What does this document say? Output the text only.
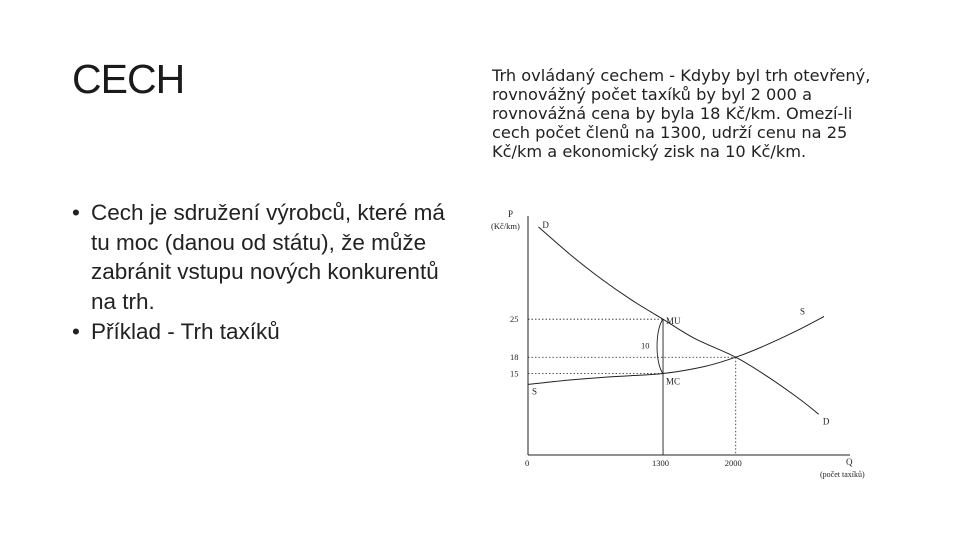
CECH
• Cech je sdružení výrobců, které má tu moc (danou od státu), že může zabránit vstupu nových konkurentů na trh.
• Příklad - Trh taxíků

Trh ovládaný cechem - Kdyby byl trh otevřený, rovnovážný počet taxíků by byl 2 000 a rovnovážná cena by byla 18 Kč/km. Omezí-li cech počet členů na 1300, udrží cenu na 25 Kč/km a ekonomický zisk na 10 Kč/km.

P
(Kč/km)
Q
(počet taxíků)
0
15
18
25
1300	2000
D
D
S
S
MU
MC
10
